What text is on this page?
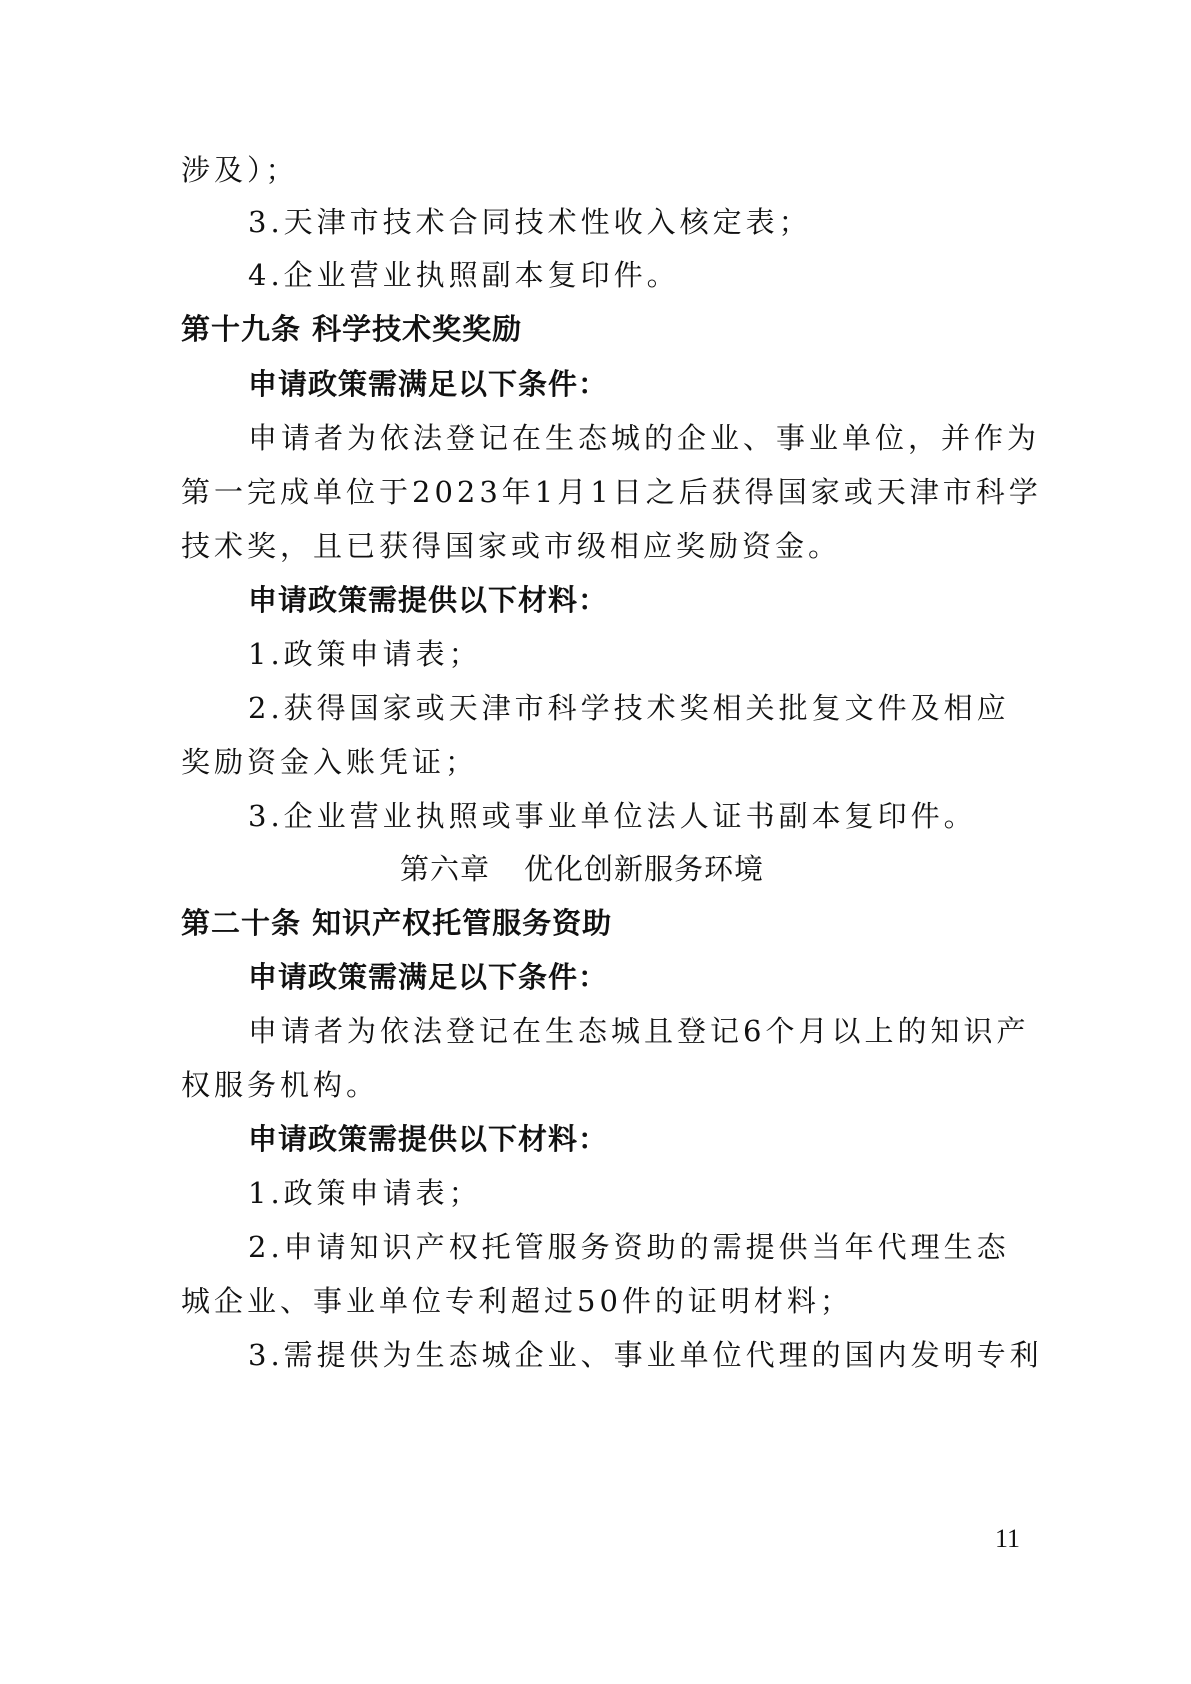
涉及）；
3.天津市技术合同技术性收入核定表；
4.企业营业执照副本复印件。
第十九条 科学技术奖奖励
申请政策需满足以下条件：
申请者为依法登记在生态城的企业、事业单位，并作为
第一完成单位于2023年1月1日之后获得国家或天津市科学
技术奖，且已获得国家或市级相应奖励资金。
申请政策需提供以下材料：
1.政策申请表；
2.获得国家或天津市科学技术奖相关批复文件及相应
奖励资金入账凭证；
3.企业营业执照或事业单位法人证书副本复印件。
第六章 优化创新服务环境
第二十条 知识产权托管服务资助
申请政策需满足以下条件：
申请者为依法登记在生态城且登记6个月以上的知识产
权服务机构。
申请政策需提供以下材料：
1.政策申请表；
2.申请知识产权托管服务资助的需提供当年代理生态
城企业、事业单位专利超过50件的证明材料；
3.需提供为生态城企业、事业单位代理的国内发明专利
11
